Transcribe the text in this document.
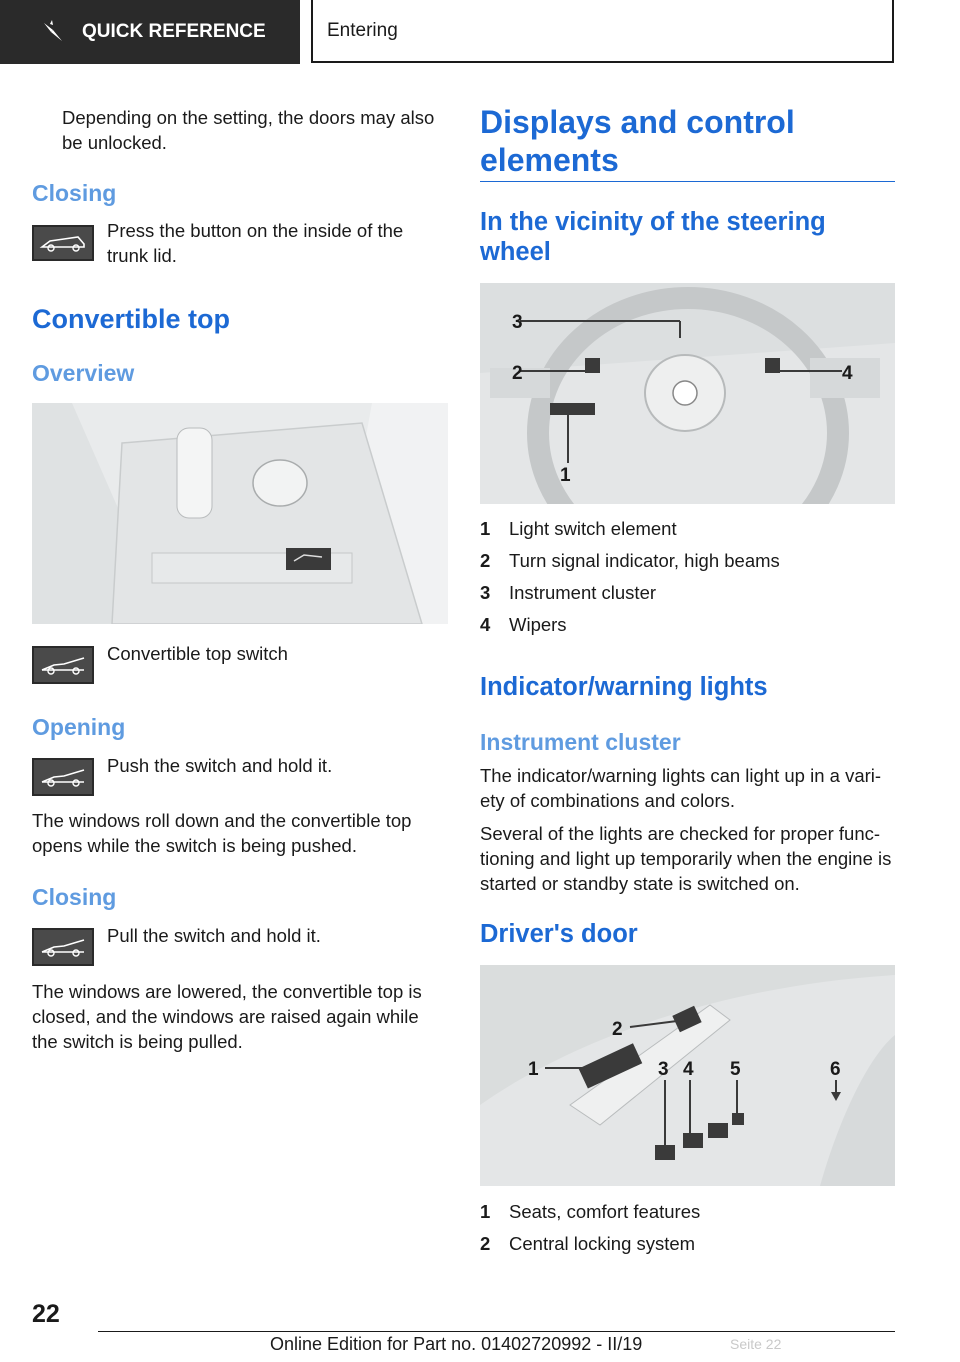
QUICK REFERENCE	Entering
Depending on the setting, the doors may also be unlocked.
Closing
Press the button on the inside of the trunk lid.
Convertible top
Overview
Convertible top switch
Opening
Push the switch and hold it.
The windows roll down and the convertible top opens while the switch is being pushed.
Closing
Pull the switch and hold it.
The windows are lowered, the convertible top is closed, and the windows are raised again while the switch is being pulled.
Displays and control elements
In the vicinity of the steering wheel
3
2	4
1
1	Light switch element
2	Turn signal indicator, high beams
3	Instrument cluster
4	Wipers
Indicator/warning lights
Instrument cluster
The indicator/warning lights can light up in a vari-ety of combinations and colors.
Several of the lights are checked for proper func-tioning and light up temporarily when the engine is started or standby state is switched on.
Driver's door
1
2
3 4 5	6
1	Seats, comfort features
2	Central locking system
22
Online Edition for Part no. 01402720992 - II/19	Seite 22
